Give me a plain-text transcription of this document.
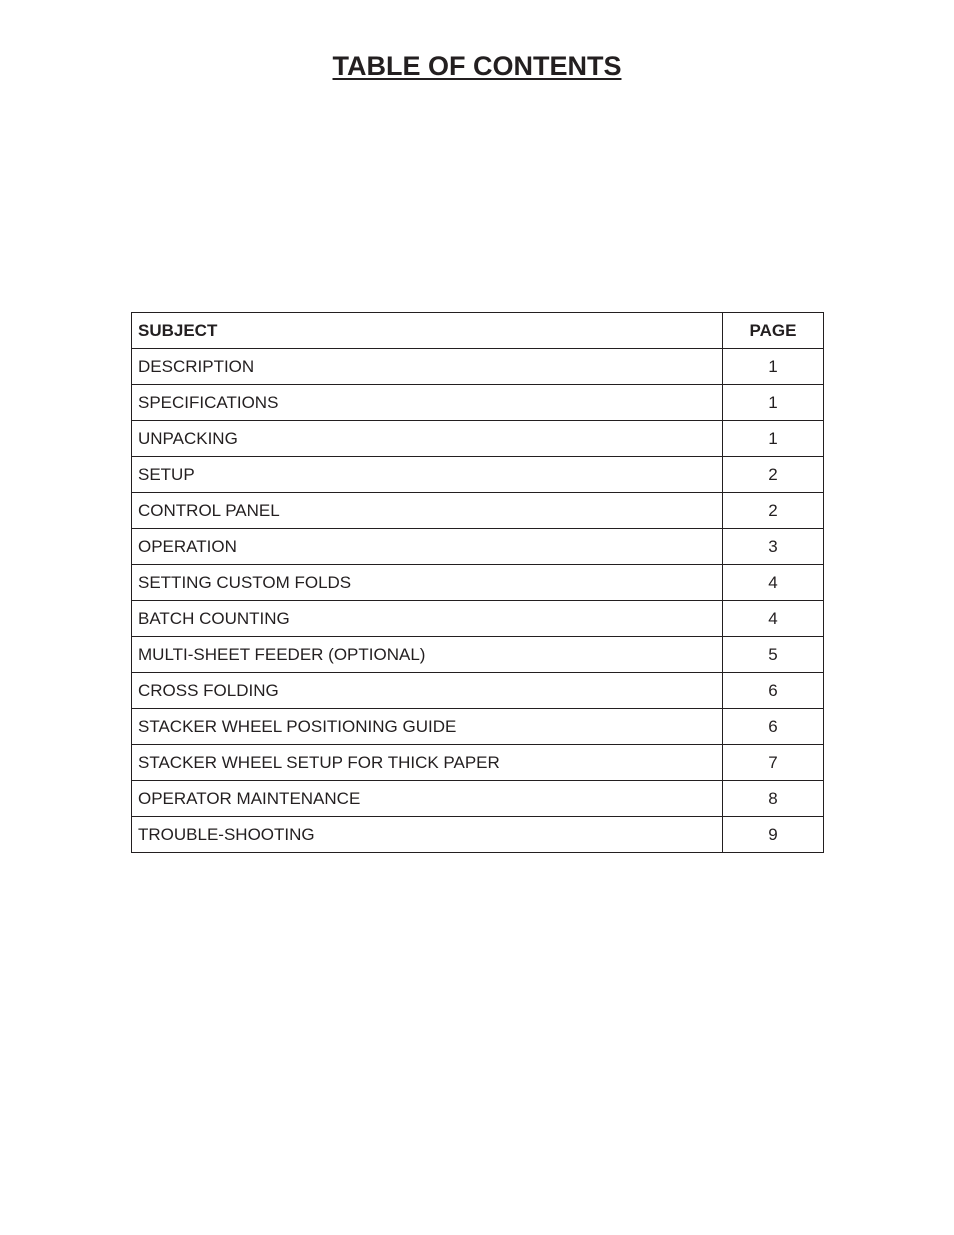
TABLE OF CONTENTS
SUBJECT	PAGE
DESCRIPTION	1
SPECIFICATIONS	1
UNPACKING	1
SETUP	2
CONTROL PANEL	2
OPERATION	3
SETTING CUSTOM FOLDS	4
BATCH COUNTING	4
MULTI-SHEET FEEDER (OPTIONAL)	5
CROSS FOLDING	6
STACKER WHEEL POSITIONING GUIDE	6
STACKER WHEEL SETUP FOR THICK PAPER	7
OPERATOR MAINTENANCE	8
TROUBLE-SHOOTING	9
